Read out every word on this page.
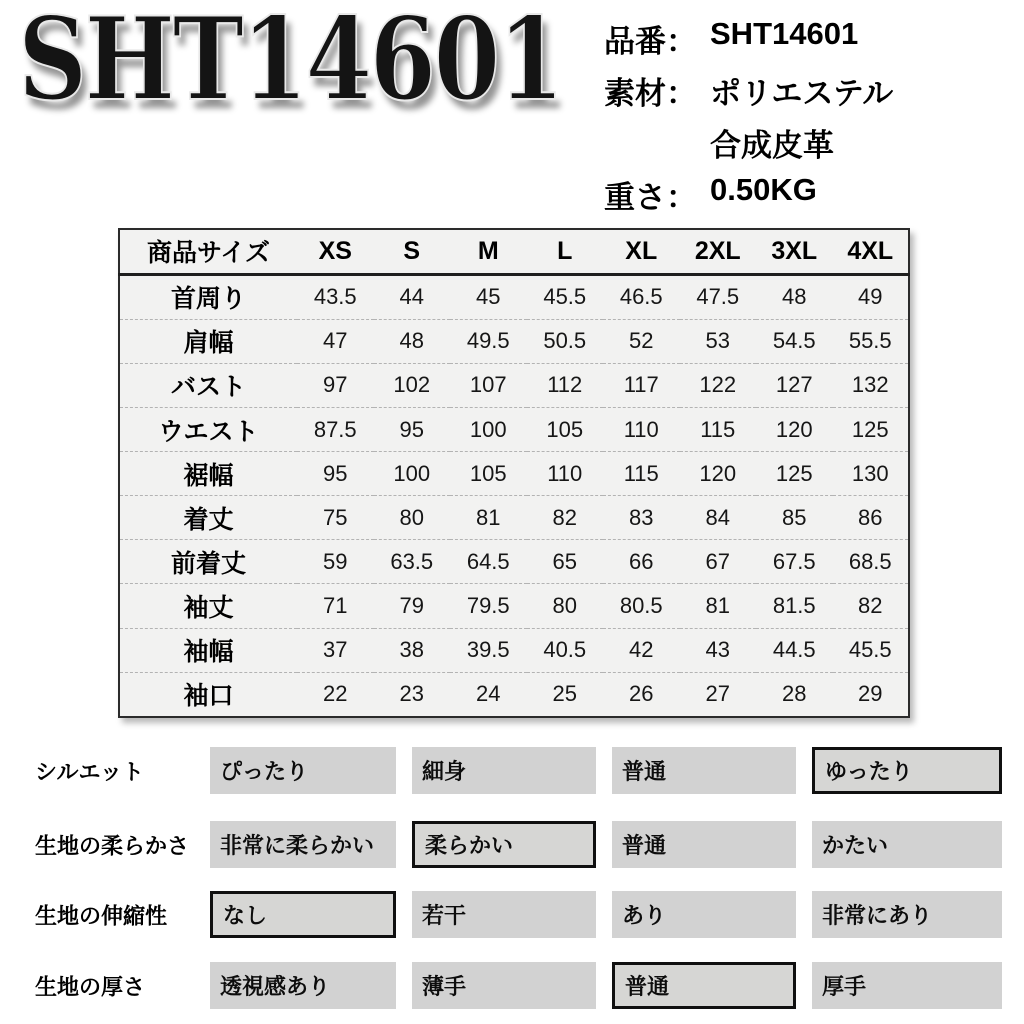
SHT14601 品番： SHT14601
素材： ポリエステル
合成皮革
重さ： 0.50KG
商品サイズ	XS	S	M	L	XL	2XL	3XL	4XL
首周り	43.5	44	45	45.5	46.5	47.5	48	49
肩幅	47	48	49.5	50.5	52	53	54.5	55.5
バスト	97	102	107	112	117	122	127	132
ウエスト	87.5	95	100	105	110	115	120	125
裾幅	95	100	105	110	115	120	125	130
着丈	75	80	81	82	83	84	85	86
前着丈	59	63.5	64.5	65	66	67	67.5	68.5
袖丈	71	79	79.5	80	80.5	81	81.5	82
袖幅	37	38	39.5	40.5	42	43	44.5	45.5
袖口	22	23	24	25	26	27	28	29
シルエット	ぴったり	細身	普通	ゆったり
生地の柔らかさ	非常に柔らかい	柔らかい	普通	かたい
生地の伸縮性	なし	若干	あり	非常にあり
生地の厚さ	透視感あり	薄手	普通	厚手
